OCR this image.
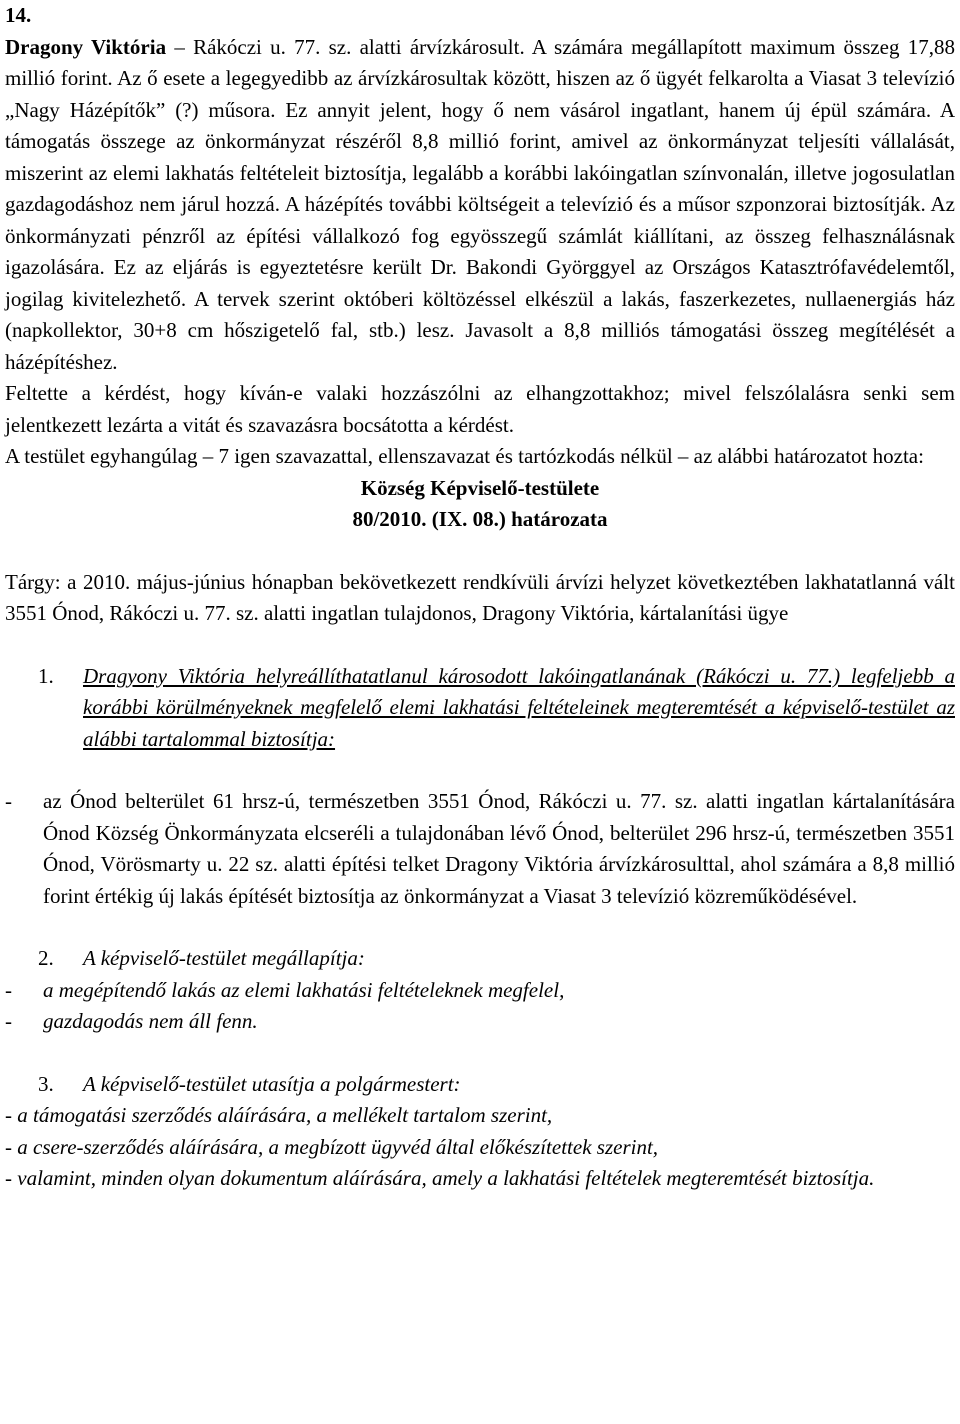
14.

Dragony Viktória – Rákóczi u. 77. sz. alatti árvízkárosult. A számára megállapított maximum összeg 17,88 millió forint. Az ő esete a legegyedibb az árvízkárosultak között, hiszen az ő ügyét felkarolta a Viasat 3 televízió „Nagy Házépítők” (?) műsora. Ez annyit jelent, hogy ő nem vásárol ingatlant, hanem új épül számára. A támogatás összege az önkormányzat részéről 8,8 millió forint, amivel az önkormányzat teljesíti vállalását, miszerint az elemi lakhatás feltételeit biztosítja, legalább a korábbi lakóingatlan színvonalán, illetve jogosulatlan gazdagodáshoz nem járul hozzá. A házépítés további költségeit a televízió és a műsor szponzorai biztosítják. Az önkormányzati pénzről az építési vállalkozó fog egyösszegű számlát kiállítani, az összeg felhasználásnak igazolására. Ez az eljárás is egyeztetésre került Dr. Bakondi Györggyel az Országos Katasztrófavédelemtől, jogilag kivitelezhető. A tervek szerint októberi költözéssel elkészül a lakás, faszerkezetes, nullaenergiás ház (napkollektor, 30+8 cm hőszigetelő fal, stb.) lesz. Javasolt a 8,8 milliós támogatási összeg megítélését a házépítéshez.

Feltette a kérdést, hogy kíván-e valaki hozzászólni az elhangzottakhoz; mivel felszólalásra senki sem jelentkezett lezárta a vitát és szavazásra bocsátotta a kérdést.

A testület egyhangúlag – 7 igen szavazattal, ellenszavazat és tartózkodás nélkül – az alábbi határozatot hozta:

Község Képviselő-testülete

80/2010. (IX. 08.) határozata

Tárgy: a 2010. május-június hónapban bekövetkezett rendkívüli árvízi helyzet következtében lakhatatlanná vált 3551 Ónod, Rákóczi u. 77. sz. alatti ingatlan tulajdonos, Dragony Viktória, kártalanítási ügye

1.	Dragyony Viktória helyreállíthatatlanul károsodott lakóingatlanának (Rákóczi u. 77.) legfeljebb a korábbi körülményeknek megfelelő elemi lakhatási feltételeinek megteremtését a képviselő-testület az alábbi tartalommal biztosítja:
-	az Ónod belterület 61 hrsz-ú, természetben 3551 Ónod, Rákóczi u. 77. sz. alatti ingatlan kártalanítására Ónod Község Önkormányzata elcseréli a tulajdonában lévő Ónod, belterület 296 hrsz-ú, természetben 3551 Ónod, Vörösmarty u. 22 sz. alatti építési telket Dragony Viktória árvízkárosulttal, ahol számára a 8,8 millió forint értékig új lakás építését biztosítja az önkormányzat a Viasat 3 televízió közreműködésével.
2.	A képviselő-testület megállapítja:
-	a megépítendő lakás az elemi lakhatási feltételeknek megfelel,
-	gazdagodás nem áll fenn.
3.	A képviselő-testület utasítja a polgármestert:

- a támogatási szerződés aláírására, a mellékelt tartalom szerint,

- a csere-szerződés aláírására, a megbízott ügyvéd által előkészítettek szerint,

- valamint, minden olyan dokumentum aláírására, amely a lakhatási feltételek megteremtését biztosítja.
